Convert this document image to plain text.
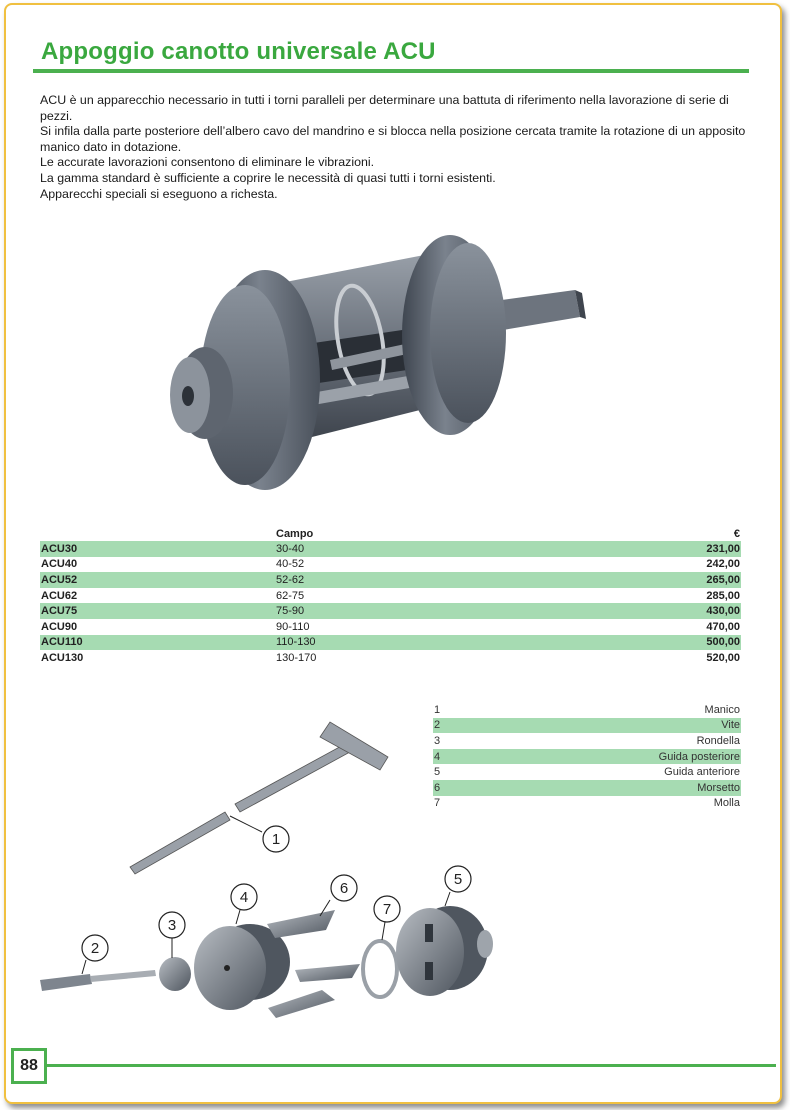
Appoggio canotto universale ACU

ACU è un apparecchio necessario in tutti i torni paralleli per determinare una battuta di riferimento nella lavorazione di serie di pezzi.

Si infila dalla parte posteriore dell’albero cavo del mandrino e si blocca nella posizione cercata tramite la rotazione di un apposito manico dato in dotazione.

Le accurate lavorazioni consentono di eliminare le vibrazioni.

La gamma standard è sufficiente a coprire le necessità di quasi tutti i torni esistenti.

Apparecchi speciali si eseguono a richesta.

	Campo	€
ACU30	30-40	231,00
ACU40	40-52	242,00
ACU52	52-62	265,00
ACU62	62-75	285,00
ACU75	75-90	430,00
ACU90	90-110	470,00
ACU110	110-130	500,00
ACU130	130-170	520,00
1	Manico
2	Vite
3	Rondella
4	Guida posteriore
5	Guida anteriore
6	Morsetto
7	Molla
1
2
3
4
5
6
7
88
